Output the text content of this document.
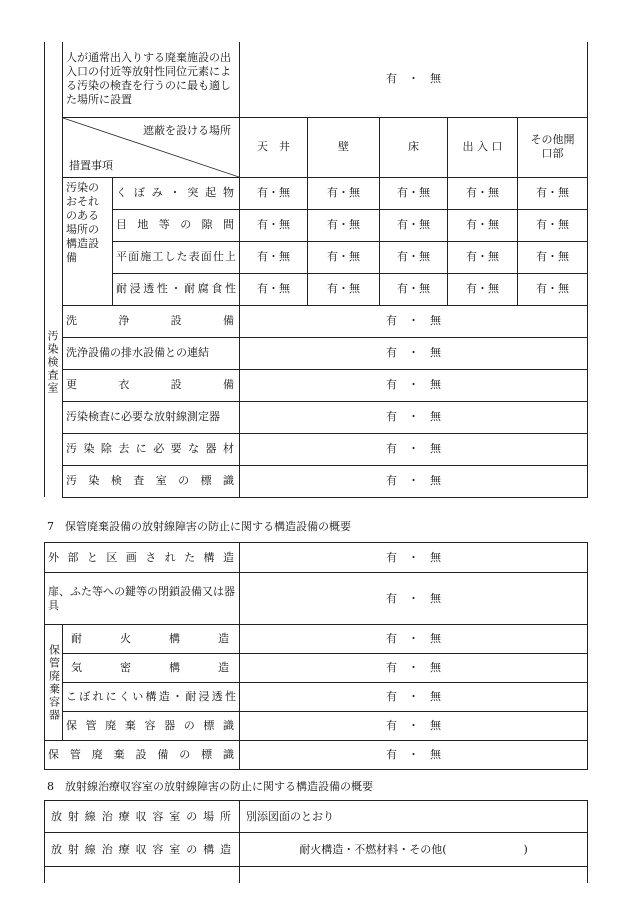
汚染検査室	人が通常出入りする廃棄施設の出入口の付近等放射性同位元素による汚染の検査を行うのに最も適した場所に設置		有　・　無				

	遮蔽を設ける場所
措置事項		天　井	壁	床	出 入 口	その他開口部
	汚染のおそれのある場所の構造設備	くぼみ・突起物	有・無	有・無	有・無	有・無	有・無
		目地等の隙間	有・無	有・無	有・無	有・無	有・無
		平面施工した表面仕上	有・無	有・無	有・無	有・無	有・無
		耐浸透性・耐腐食性	有・無	有・無	有・無	有・無	有・無
	洗浄設備		有　・　無				
	洗浄設備の排水設備との連結		有　・　無				
	更衣設備		有　・　無				
	汚染検査に必要な放射線測定器		有　・　無				
	汚染除去に必要な器材		有　・　無				
	汚染検査室の標識		有　・　無				
7　保管廃棄設備の放射線障害の防止に関する構造設備の概要
外部と区画された構造		有　・　無
扉、ふた等への鍵等の閉鎖設備又は器具		有　・　無
保管廃棄容器	耐火構造	有　・　無
	気密構造	有　・　無
	こぼれにくい構造・耐浸透性	有　・　無
	保管廃棄容器の標識	有　・　無
保管廃棄設備の標識		有　・　無
8　放射線治療収容室の放射線障害の防止に関する構造設備の概要
放射線治療収容室の場所	別添図面のとおり
放射線治療収容室の構造	耐火構造・不燃材料・その他(　　　　　　　)
